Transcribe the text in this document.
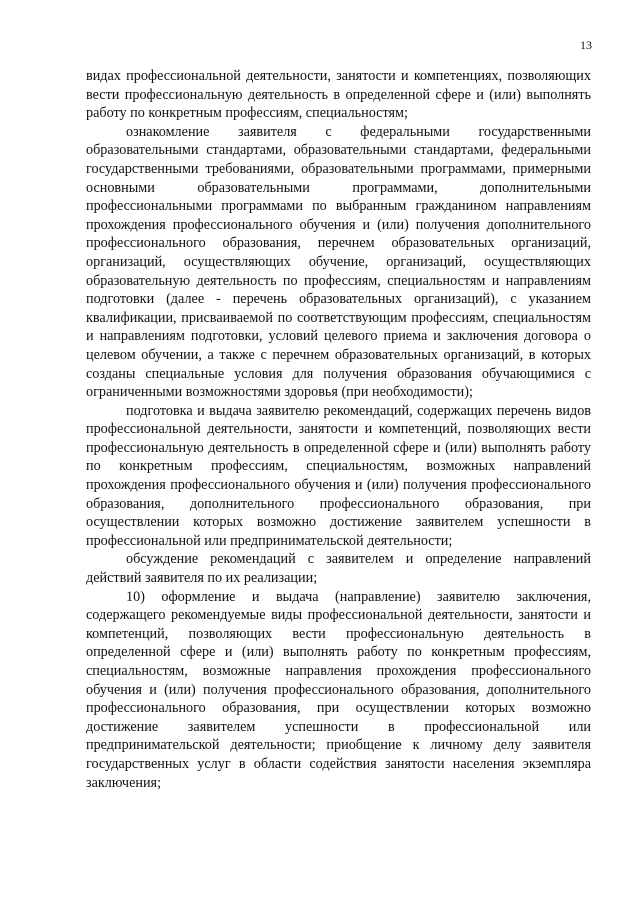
13

видах профессиональной деятельности, занятости и компетенциях, позволяющих вести профессиональную деятельность в определенной сфере и (или) выполнять работу по конкретным профессиям, специальностям;

ознакомление заявителя с федеральными государственными образовательными стандартами, образовательными стандартами, федеральными государственными требованиями, образовательными программами, примерными основными образовательными программами, дополнительными профессиональными программами по выбранным гражданином направлениям прохождения профессионального обучения и (или) получения дополнительного профессионального образования, перечнем образовательных организаций, организаций, осуществляющих обучение, организаций, осуществляющих образовательную деятельность по профессиям, специальностям и направлениям подготовки (далее - перечень образовательных организаций), с указанием квалификации, присваиваемой по соответствующим профессиям, специальностям и направлениям подготовки, условий целевого приема и заключения договора о целевом обучении, а также с перечнем образовательных организаций, в которых созданы специальные условия для получения образования обучающимися с ограниченными возможностями здоровья (при необходимости);

подготовка и выдача заявителю рекомендаций, содержащих перечень видов профессиональной деятельности, занятости и компетенций, позволяющих вести профессиональную деятельность в определенной сфере и (или) выполнять работу по конкретным профессиям, специальностям, возможных направлений прохождения профессионального обучения и (или) получения профессионального образования, дополнительного профессионального образования, при осуществлении которых возможно достижение заявителем успешности в профессиональной или предпринимательской деятельности;

обсуждение рекомендаций с заявителем и определение направлений действий заявителя по их реализации;

10) оформление и выдача (направление) заявителю заключения, содержащего рекомендуемые виды профессиональной деятельности, занятости и компетенций, позволяющих вести профессиональную деятельность в определенной сфере и (или) выполнять работу по конкретным профессиям, специальностям, возможные направления прохождения профессионального обучения и (или) получения профессионального образования, дополнительного профессионального образования, при осуществлении которых возможно достижение заявителем успешности в профессиональной или предпринимательской деятельности; приобщение к личному делу заявителя государственных услуг в области содействия занятости населения экземпляра заключения;
